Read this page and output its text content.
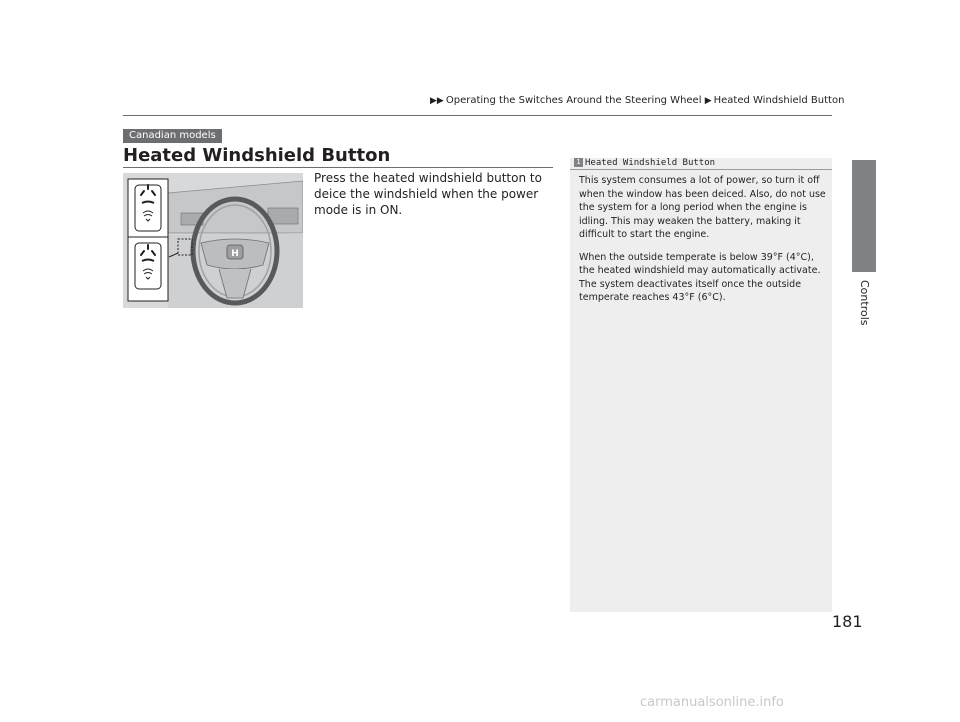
▶▶ Operating the Switches Around the Steering Wheel ▶ Heated Windshield Button
Controls
Canadian models
Heated Windshield Button
H
Press the heated windshield button to deice the windshield when the power mode is in ON.
1 Heated Windshield Button

This system consumes a lot of power, so turn it off when the window has been deiced. Also, do not use the system for a long period when the engine is idling. This may weaken the battery, making it difficult to start the engine.

When the outside temperate is below 39°F (4°C), the heated windshield may automatically activate. The system deactivates itself once the outside temperate reaches 43°F (6°C).

181
carmanualsonline.info
